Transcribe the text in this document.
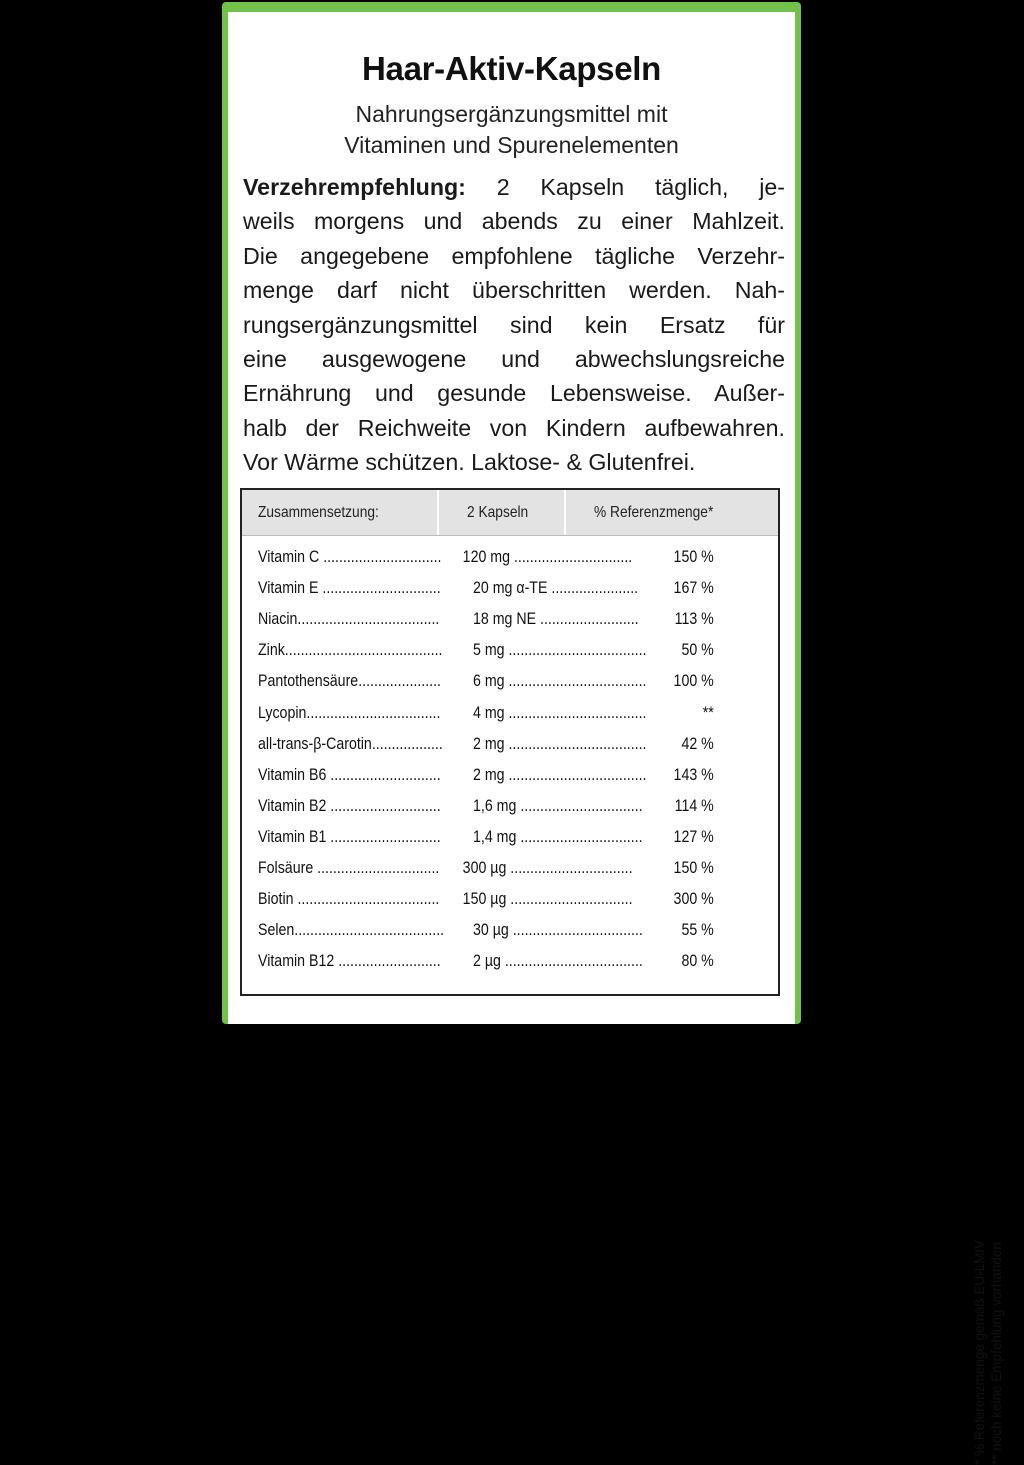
Haar-Aktiv-Kapseln
Nahrungsergänzungsmittel mit
Vitaminen und Spurenelementen
Verzehrempfehlung: 2 Kapseln täglich, je-
weils morgens und abends zu einer Mahlzeit.
Die angegebene empfohlene tägliche Verzehr-
menge darf nicht überschritten werden. Nah-
rungsergänzungsmittel sind kein Ersatz für
eine ausgewogene und abwechslungsreiche
Ernährung und gesunde Lebensweise. Außer-
halb der Reichweite von Kindern aufbewahren.
Vor Wärme schützen. Laktose- & Glutenfrei.
Zusammensetzung:	2 Kapseln	% Referenzmenge*
Vitamin C ..............................	120 mg ..............................	150 %
Vitamin E ..............................	20 mg α-TE ......................	167 %
Niacin....................................	18 mg NE .........................	113 %
Zink........................................	5 mg ...................................	50 %
Pantothensäure.....................	6 mg ...................................	100 %
Lycopin..................................	4 mg ...................................	**
all-trans-β-Carotin..................	2 mg ...................................	42 %
Vitamin B6 ............................	2 mg ...................................	143 %
Vitamin B2 ............................	1,6 mg ...............................	114 %
Vitamin B1 ............................	1,4 mg ...............................	127 %
Folsäure ...............................	300 µg ...............................	150 %
Biotin ....................................	150 µg ...............................	300 %
Selen......................................	30 µg .................................	55 %
Vitamin B12 ..........................	2 µg ...................................	80 %
* % Referenzmenge gemäß EU-LMIV ** noch keine Empfehlung vorhanden
